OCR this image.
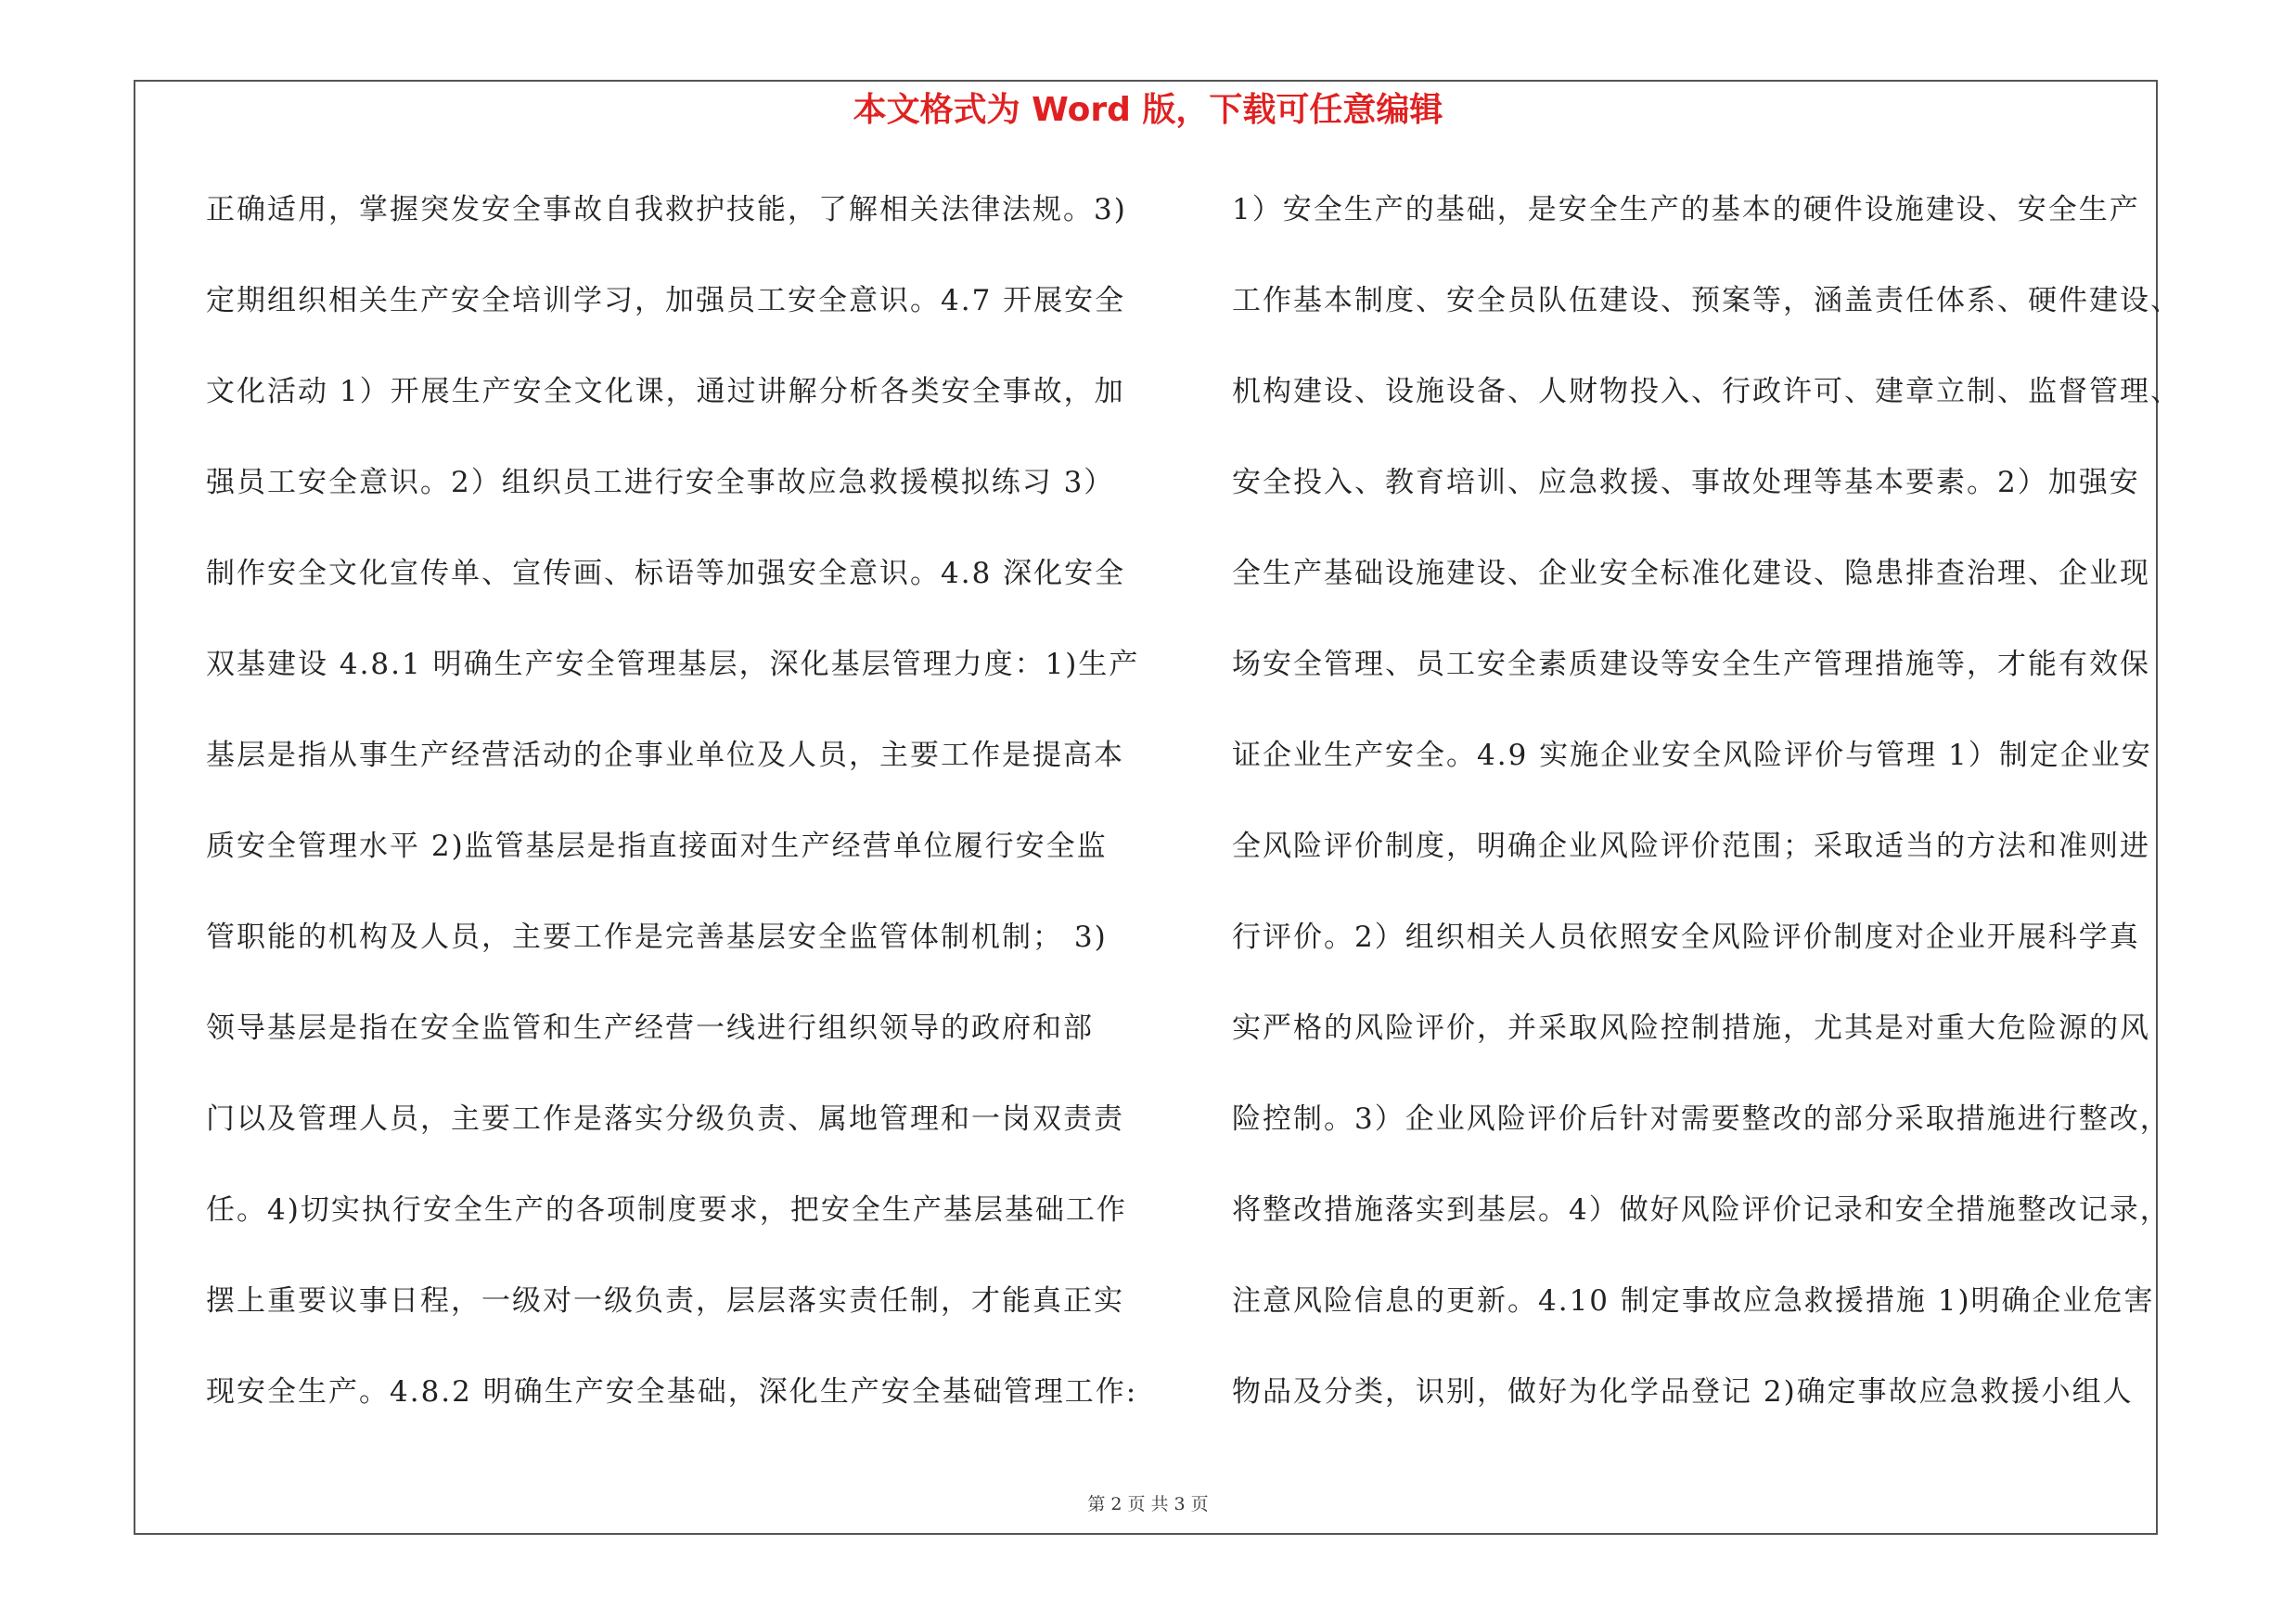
本文格式为 Word 版，下载可任意编辑
正确适用，掌握突发安全事故自我救护技能，了解相关法律法规。3)
定期组织相关生产安全培训学习，加强员工安全意识。4.7 开展安全
文化活动 1）开展生产安全文化课，通过讲解分析各类安全事故，加
强员工安全意识。2）组织员工进行安全事故应急救援模拟练习 3）
制作安全文化宣传单、宣传画、标语等加强安全意识。4.8 深化安全
双基建设 4.8.1 明确生产安全管理基层，深化基层管理力度：1)生产
基层是指从事生产经营活动的企事业单位及人员，主要工作是提高本
质安全管理水平 2)监管基层是指直接面对生产经营单位履行安全监
管职能的机构及人员，主要工作是完善基层安全监管体制机制； 3)
领导基层是指在安全监管和生产经营一线进行组织领导的政府和部
门以及管理人员，主要工作是落实分级负责、属地管理和一岗双责责
任。4)切实执行安全生产的各项制度要求，把安全生产基层基础工作
摆上重要议事日程，一级对一级负责，层层落实责任制，才能真正实
现安全生产。4.8.2 明确生产安全基础，深化生产安全基础管理工作:
1）安全生产的基础，是安全生产的基本的硬件设施建设、安全生产
工作基本制度、安全员队伍建设、预案等，涵盖责任体系、硬件建设、
机构建设、设施设备、人财物投入、行政许可、建章立制、监督管理、
安全投入、教育培训、应急救援、事故处理等基本要素。2）加强安
全生产基础设施建设、企业安全标准化建设、隐患排查治理、企业现
场安全管理、员工安全素质建设等安全生产管理措施等，才能有效保
证企业生产安全。4.9 实施企业安全风险评价与管理 1）制定企业安
全风险评价制度，明确企业风险评价范围；采取适当的方法和准则进
行评价。2）组织相关人员依照安全风险评价制度对企业开展科学真
实严格的风险评价，并采取风险控制措施，尤其是对重大危险源的风
险控制。3）企业风险评价后针对需要整改的部分采取措施进行整改，
将整改措施落实到基层。4）做好风险评价记录和安全措施整改记录，
注意风险信息的更新。4.10 制定事故应急救援措施 1)明确企业危害
物品及分类，识别，做好为化学品登记 2)确定事故应急救援小组人
第 2 页 共 3 页
